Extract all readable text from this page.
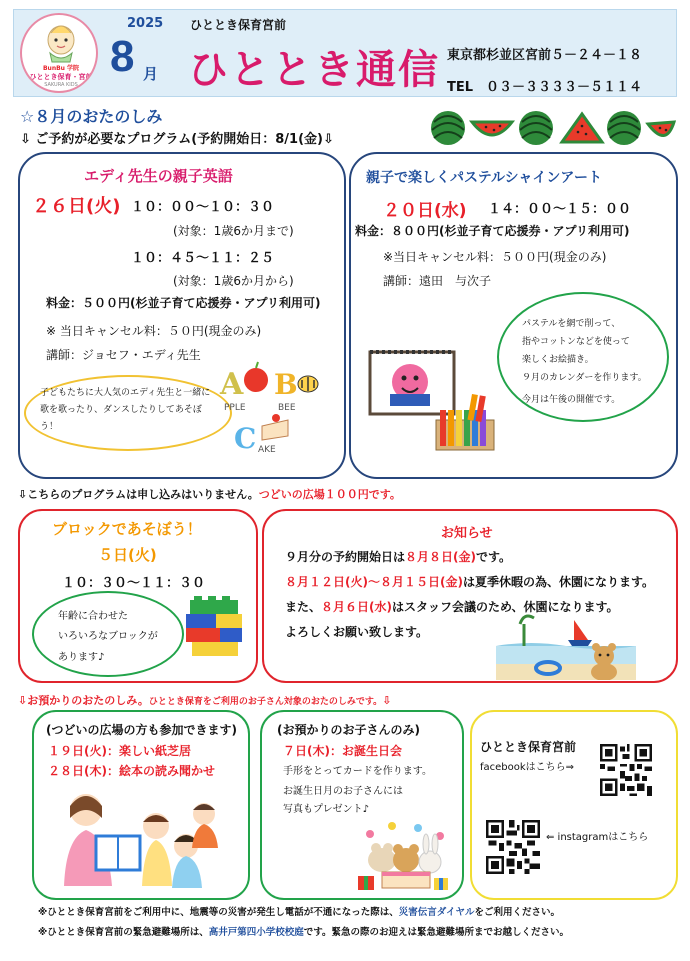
BunBu 学院
ひととき保育・宮前
SAKURA KIDS
2025 ひととき保育宮前
8 月 ひととき通信 東京都杉並区宮前５－２４－１８
TEL　０３－３３３３－５１１４
☆８月のおたのしみ
⇩ ご予約が必要なプログラム(予約開始日：8/1(金)⇩
エディ先生の親子英語
２６日(火) １０：００～１０：３０
(対象：1歳6か月まで)
１０：４５～１１：２５
(対象：1歳6か月から)
料金：５００円(杉並子育て応援券・アプリ利用可)
※ 当日キャンセル料：５０円(現金のみ)
講師：ジョセフ・エディ先生
子どもたちに大人気のエディ先生と一緒に歌を歌ったり、ダンスしたりしてあそぼう！
A
PPLE
B
BEE
C AKE
親子で楽しくパステルシャインアート
２０日(水) １４：００～１５：００
料金：８００円(杉並子育て応援券・アプリ利用可)
※当日キャンセル料：５００円(現金のみ)
講師：遠田　与次子
パステルを網で削って、
指やコットンなどを使って
楽しくお絵描き。
９月のカレンダーを作ります。
今月は午後の開催です。
⇩こちらのプログラムは申し込みはいりません。つどいの広場１００円です。
ブロックであそぼう！
５日(火)
１０：３０～１１：３０
年齢に合わせた
いろいろなブロックが
あります♪
お知らせ
９月分の予約開始日は８月８日(金)です。
８月１２日(火)～８月１５日(金)は夏季休暇の為、休園になります。
また、８月６日(水)はスタッフ会議のため、休園になります。
よろしくお願い致します。
⇩お預かりのおたのしみ。ひととき保育をご利用のお子さん対象のおたのしみです。⇩
(つどいの広場の方も参加できます)
１９日(火)：楽しい紙芝居
２８日(木)：絵本の読み聞かせ
(お預かりのお子さんのみ)
７日(木)：お誕生日会
手形をとってカードを作ります。
お誕生日月のお子さんには
写真もプレゼント♪
ひととき保育宮前
facebookはこちら⇒
⇐ instagramはこちら
※ひととき保育宮前をご利用中に、地震等の災害が発生し電話が不通になった際は、災害伝言ダイヤルをご利用ください。
※ひととき保育宮前の緊急避難場所は、高井戸第四小学校校庭です。緊急の際のお迎えは緊急避難場所までお越しください。
